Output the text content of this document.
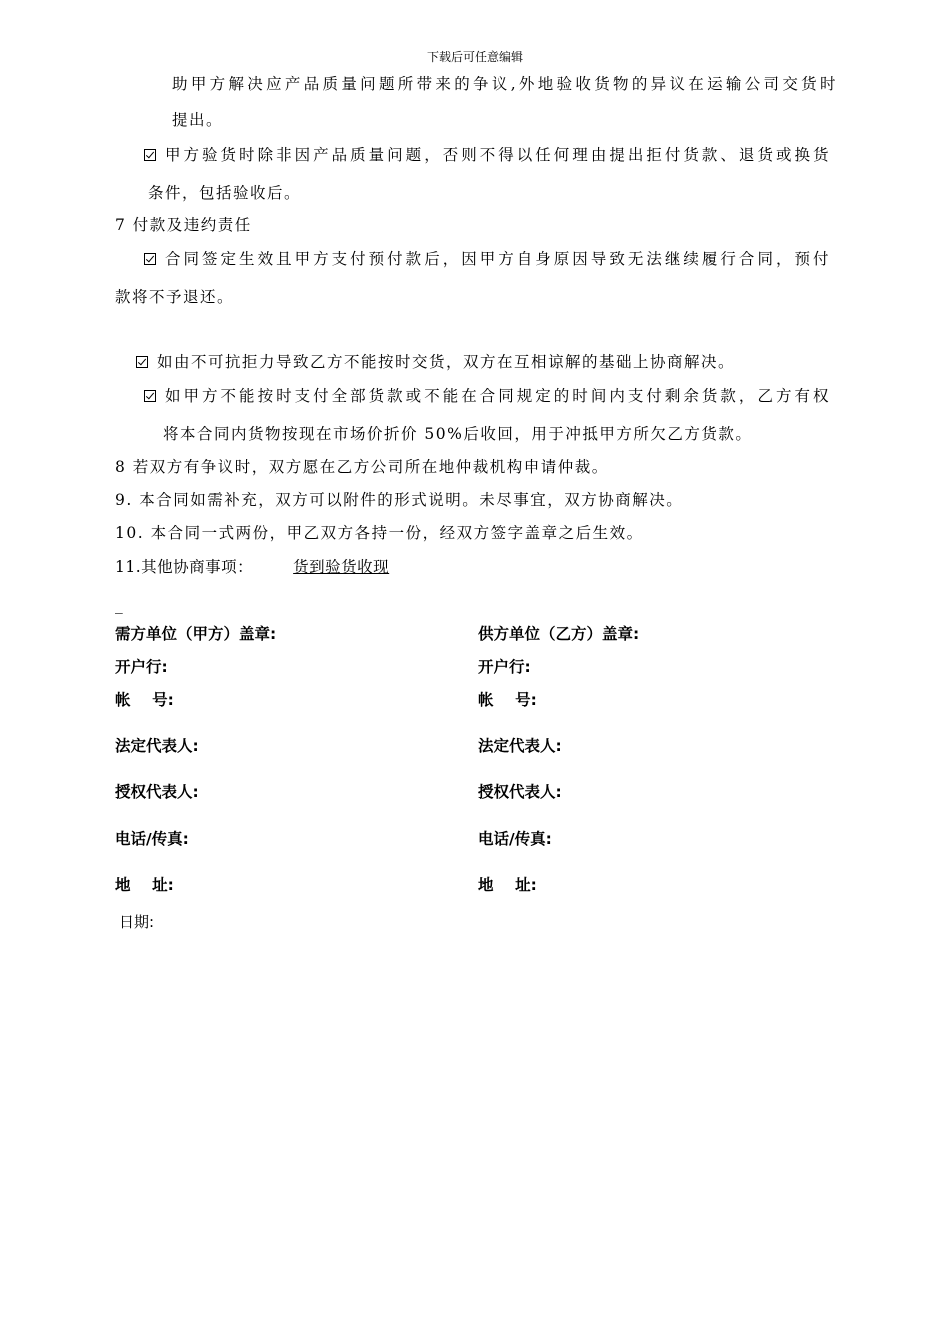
下载后可任意编辑
助甲方解决应产品质量问题所带来的争议,外地验收货物的异议在运输公司交货时
提出。
甲方验货时除非因产品质量问题，否则不得以任何理由提出拒付货款、退货或换货
条件，包括验收后。
7 付款及违约责任
合同签定生效且甲方支付预付款后，因甲方自身原因导致无法继续履行合同，预付
款将不予退还。
如由不可抗拒力导致乙方不能按时交货，双方在互相谅解的基础上协商解决。
如甲方不能按时支付全部货款或不能在合同规定的时间内支付剩余货款，乙方有权
将本合同内货物按现在市场价折价 50%后收回，用于冲抵甲方所欠乙方货款。
8 若双方有争议时，双方愿在乙方公司所在地仲裁机构申请仲裁。
9. 本合同如需补充，双方可以附件的形式说明。未尽事宜，双方协商解决。
10. 本合同一式两份，甲乙双方各持一份，经双方签字盖章之后生效。
11.其他协商事项：	货到验货收现
_
需方单位（甲方）盖章:
开户行:
帐    号:
法定代表人:
授权代表人:
电话/传真:
地    址:
供方单位（乙方）盖章:
开户行:
帐    号:
法定代表人:
授权代表人:
电话/传真:
地    址:
日期:
